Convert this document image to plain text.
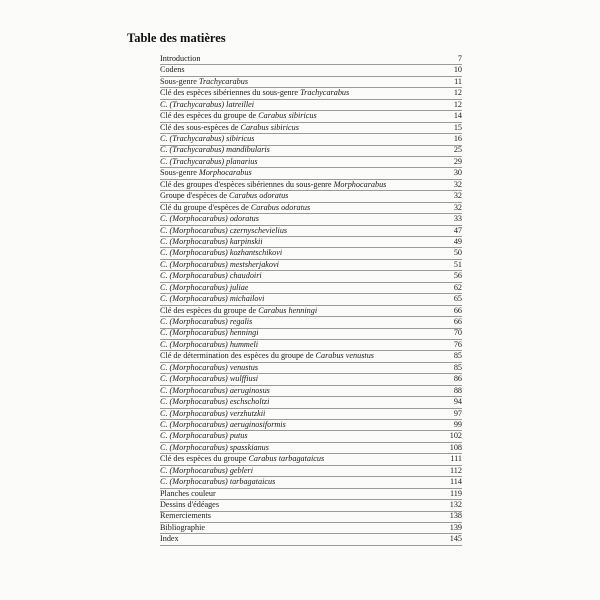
Table des matières
Introduction	7
Codens	10
Sous-genre Trachycarabus	11
Clé des espèces sibériennes du sous-genre Trachycarabus	12
C. (Trachycarabus) latreillei	12
Clé des espèces du groupe de Carabus sibiricus	14
Clé des sous-espèces de Carabus sibiricus	15
C. (Trachycarabus) sibiricus	16
C. (Trachycarabus) mandibularis	25
C. (Trachycarabus) planarius	29
Sous-genre Morphocarabus	30
Clé des groupes d'espèces sibériennes du sous-genre Morphocarabus	32
Groupe d'espèces de Carabus odoratus	32
Clé du groupe d'espèces de Carabus odoratus	32
C. (Morphocarabus) odoratus	33
C. (Morphocarabus) czernyschevielius	47
C. (Morphocarabus) karpinskii	49
C. (Morphocarabus) kozhantschikovi	50
C. (Morphocarabus) mestsherjakovi	51
C. (Morphocarabus) chaudoiri	56
C. (Morphocarabus) juliae	62
C. (Morphocarabus) michailovi	65
Clé des espèces du groupe de Carabus henningi	66
C. (Morphocarabus) regalis	66
C. (Morphocarabus) henningi	70
C. (Morphocarabus) hummeli	76
Clé de détermination des espèces du groupe de Carabus venustus	85
C. (Morphocarabus) venustus	85
C. (Morphocarabus) wulffiusi	86
C. (Morphocarabus) aeruginosus	88
C. (Morphocarabus) eschscholtzi	94
C. (Morphocarabus) verzhutzkii	97
C. (Morphocarabus) aeruginosiformis	99
C. (Morphocarabus) putus	102
C. (Morphocarabus) spasskianus	108
Clé des espèces du groupe Carabus tarbagataicus	111
C. (Morphocarabus) gebleri	112
C. (Morphocarabus) tarbagataicus	114
Planches couleur	119
Dessins d'édéages	132
Remerciements	138
Bibliographie	139
Index	145
